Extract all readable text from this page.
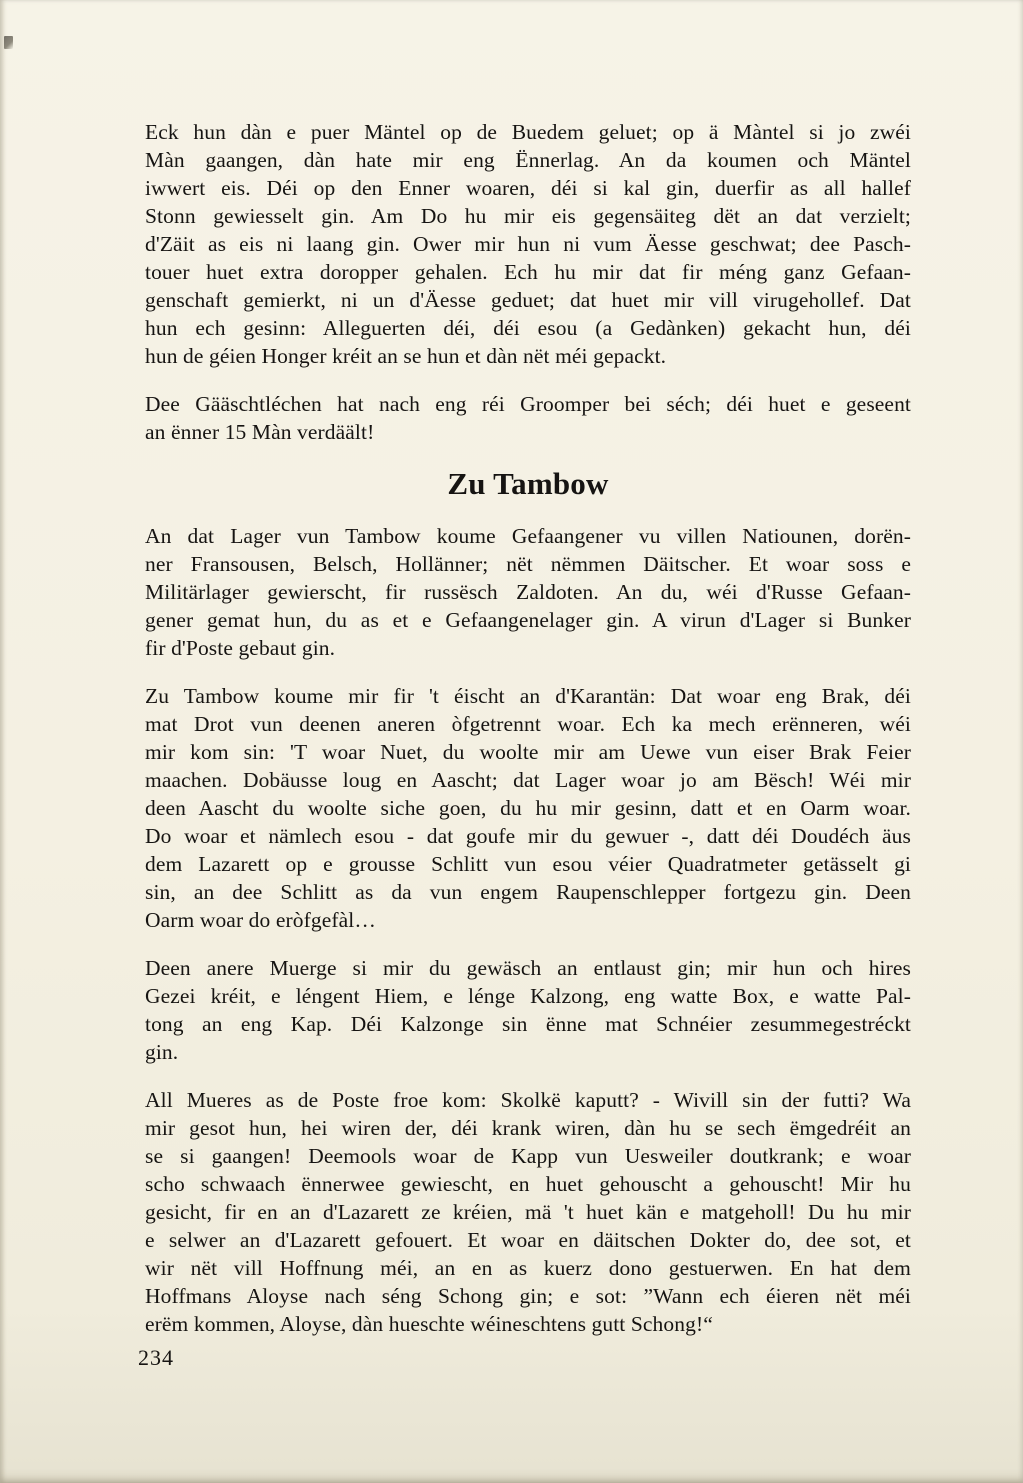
Eck hun dàn e puer Mäntel op de Buedem geluet; op ä Màntel si jo zwéi
Màn gaangen, dàn hate mir eng Ënnerlag. An da koumen och Mäntel
iwwert eis. Déi op den Enner woaren, déi si kal gin, duerfir as all hallef
Stonn gewiesselt gin. Am Do hu mir eis gegensäiteg dët an dat verzielt;
d'Zäit as eis ni laang gin. Ower mir hun ni vum Äesse geschwat; dee Pasch-
touer huet extra doropper gehalen. Ech hu mir dat fir méng ganz Gefaan-
genschaft gemierkt, ni un d'Äesse geduet; dat huet mir vill virugehollef. Dat
hun ech gesinn: Alleguerten déi, déi esou (a Gedànken) gekacht hun, déi
hun de géien Honger kréit an se hun et dàn nët méi gepackt.

Dee Gääschtléchen hat nach eng réi Groomper bei séch; déi huet e geseent
an ënner 15 Màn verdäält!

Zu Tambow

An dat Lager vun Tambow koume Gefaangener vu villen Natiounen, dorën-
ner Fransousen, Belsch, Hollänner; nët nëmmen Däitscher. Et woar soss e
Militärlager gewierscht, fir russësch Zaldoten. An du, wéi d'Russe Gefaan-
gener gemat hun, du as et e Gefaangenelager gin. A virun d'Lager si Bunker
fir d'Poste gebaut gin.

Zu Tambow koume mir fir 't éischt an d'Karantän: Dat woar eng Brak, déi
mat Drot vun deenen aneren òfgetrennt woar. Ech ka mech erënneren, wéi
mir kom sin: 'T woar Nuet, du woolte mir am Uewe vun eiser Brak Feier
maachen. Dobäusse loug en Aascht; dat Lager woar jo am Bësch! Wéi mir
deen Aascht du woolte siche goen, du hu mir gesinn, datt et en Oarm woar.
Do woar et nämlech esou - dat goufe mir du gewuer -, datt déi Doudéch äus
dem Lazarett op e grousse Schlitt vun esou véier Quadratmeter getässelt gi
sin, an dee Schlitt as da vun engem Raupenschlepper fortgezu gin. Deen
Oarm woar do eròfgefàl…

Deen anere Muerge si mir du gewäsch an entlaust gin; mir hun och hires
Gezei kréit, e léngent Hiem, e lénge Kalzong, eng watte Box, e watte Pal-
tong an eng Kap. Déi Kalzonge sin ënne mat Schnéier zesummegestréckt
gin.

All Mueres as de Poste froe kom: Skolkë kaputt? - Wivill sin der futti? Wa
mir gesot hun, hei wiren der, déi krank wiren, dàn hu se sech ëmgedréit an
se si gaangen! Deemools woar de Kapp vun Uesweiler doutkrank; e woar
scho schwaach ënnerwee gewiescht, en huet gehouscht a gehouscht! Mir hu
gesicht, fir en an d'Lazarett ze kréien, mä 't huet kän e matgeholl! Du hu mir
e selwer an d'Lazarett gefouert. Et woar en däitschen Dokter do, dee sot, et
wir nët vill Hoffnung méi, an en as kuerz dono gestuerwen. En hat dem
Hoffmans Aloyse nach séng Schong gin; e sot: ”Wann ech éieren nët méi
erëm kommen, Aloyse, dàn hueschte wéineschtens gutt Schong!“

234
